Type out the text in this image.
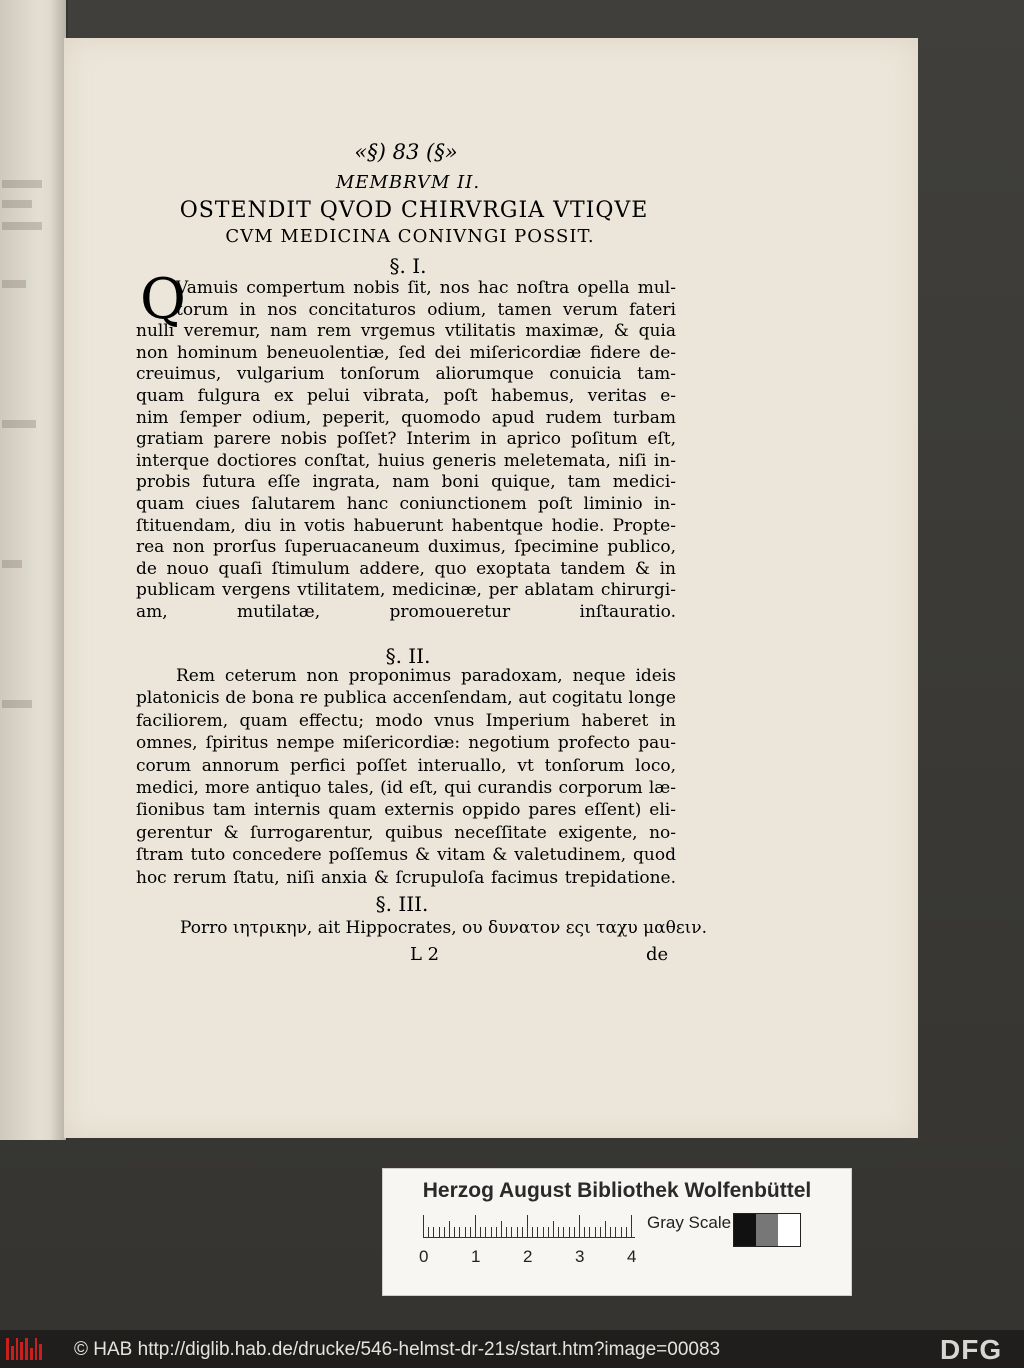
«§) 83 (§»
MEMBRVM II.
OSTENDIT QVOD CHIRVRGIA VTIQVE
CVM MEDICINA CONIVNGI POSSIT.
§. I.
Q
Vamuis compertum nobis ſit, nos hac noſtra opella mul-
torum in nos concitaturos odium, tamen verum fateri
nulli veremur, nam rem vrgemus vtilitatis maximæ, & quia
non hominum beneuolentiæ, ſed dei miſericordiæ fidere de-
creuimus, vulgarium tonſorum aliorumque conuicia tam-
quam fulgura ex pelui vibrata, poſt habemus, veritas e-
nim ſemper odium, peperit, quomodo apud rudem turbam
gratiam parere nobis poſſet? Interim in aprico poſitum eſt,
interque doctiores conſtat, huius generis meletemata, niſi in-
probis futura eſſe ingrata, nam boni quique, tam medici-
quam ciues ſalutarem hanc coniunctionem poſt liminio in-
ſtituendam, diu in votis habuerunt habentque hodie. Propte-
rea non prorſus ſuperuacaneum duximus, ſpecimine publico,
de nouo quaſi ſtimulum addere, quo exoptata tandem & in
publicam vergens vtilitatem, medicinæ, per ablatam chirurgi-
am, mutilatæ, promoueretur inſtauratio.
§. II.
Rem ceterum non proponimus paradoxam, neque ideis
platonicis de bona re publica accenſendam, aut cogitatu longe
faciliorem, quam effectu; modo vnus Imperium haberet in
omnes, ſpiritus nempe miſericordiæ: negotium profecto pau-
corum annorum perfici poſſet interuallo, vt tonſorum loco,
medici, more antiquo tales, (id eſt, qui curandis corporum læ-
ſionibus tam internis quam externis oppido pares eſſent) eli-
gerentur & ſurrogarentur, quibus neceſſitate exigente, no-
ſtram tuto concedere poſſemus & vitam & valetudinem, quod
hoc rerum ſtatu, niſi anxia & ſcrupuloſa facimus trepidatione.
§. III.
Porro ιητρικην, ait Hippocrates, ου δυνατον εςι ταχυ μαθειν.
L 2	de
Herzog August Bibliothek Wolfenbüttel
0	1	2	3	4
Gray Scale
© HAB http://diglib.hab.de/drucke/546-helmst-dr-21s/start.htm?image=00083	DFG
